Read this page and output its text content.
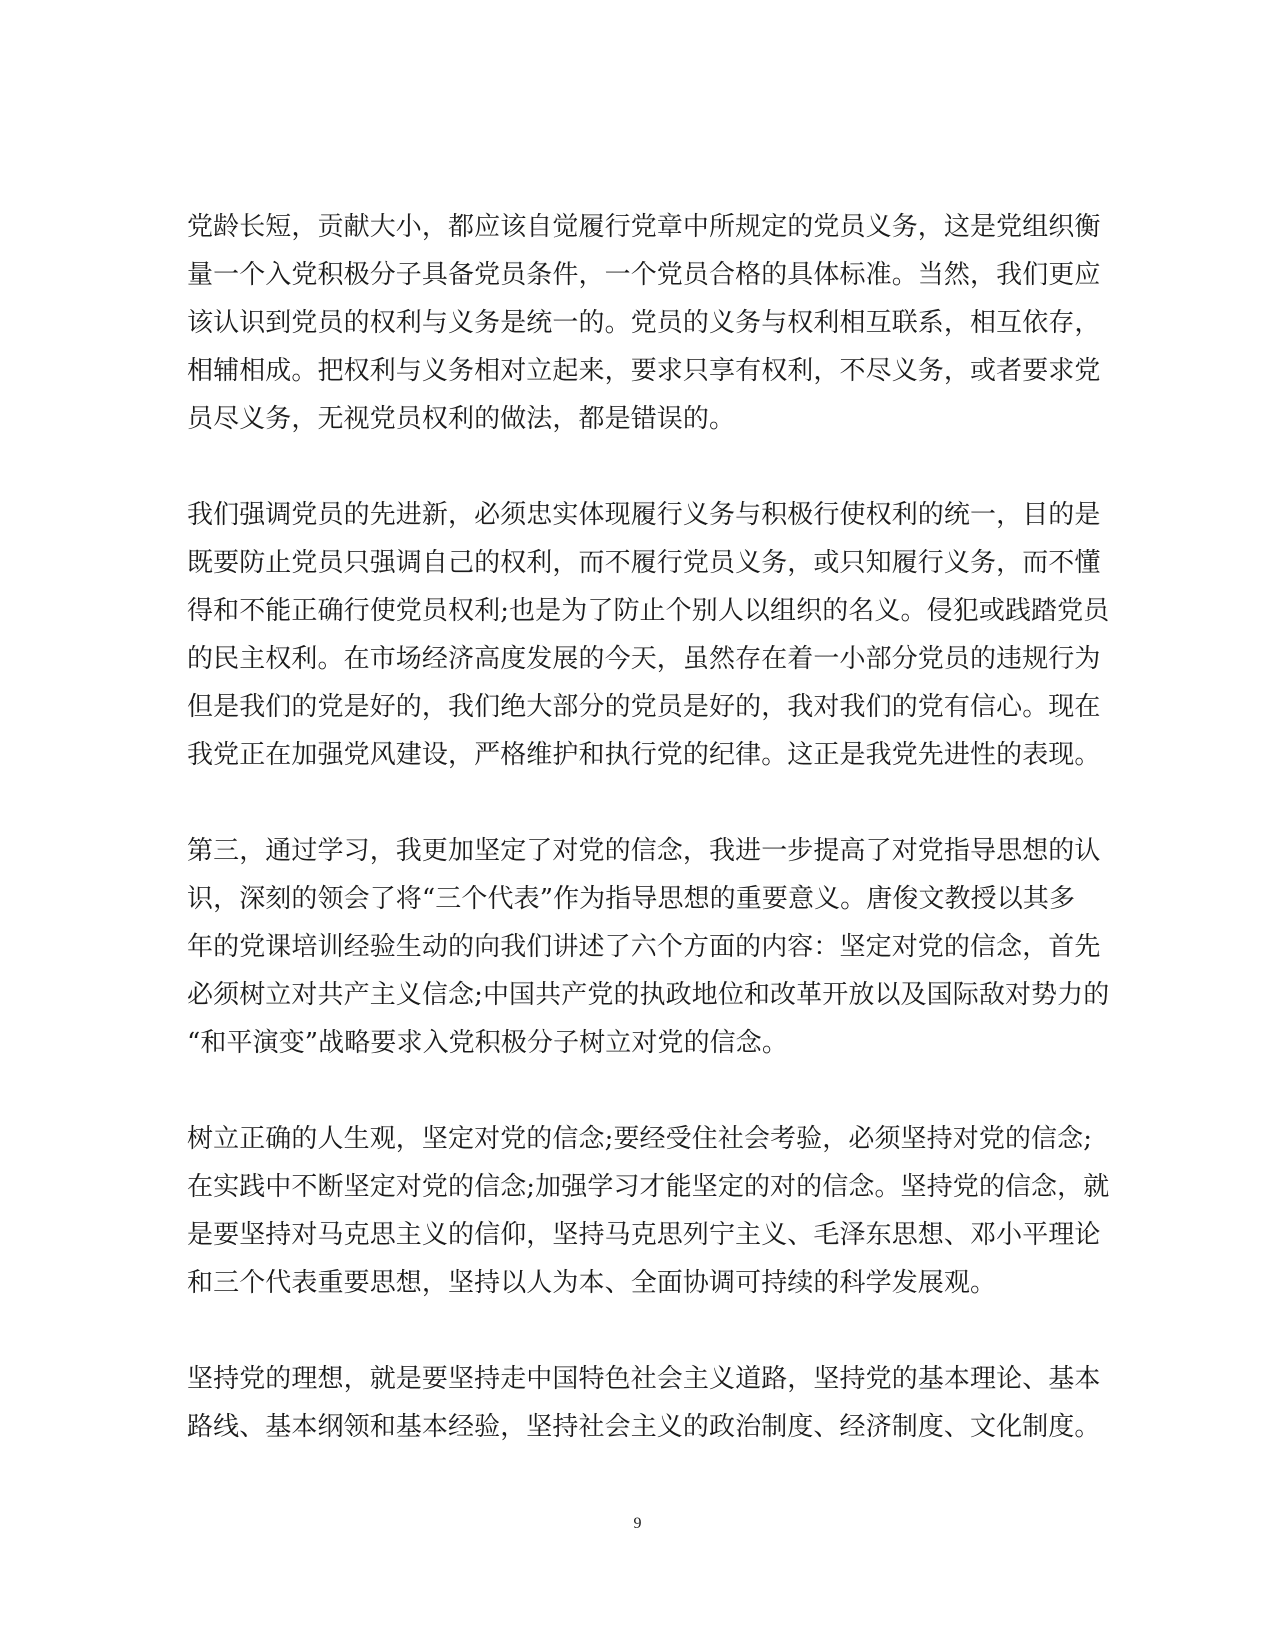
党龄长短，贡献大小，都应该自觉履行党章中所规定的党员义务，这是党组织衡
量一个入党积极分子具备党员条件，一个党员合格的具体标准。当然，我们更应
该认识到党员的权利与义务是统一的。党员的义务与权利相互联系，相互依存，
相辅相成。把权利与义务相对立起来，要求只享有权利，不尽义务，或者要求党
员尽义务，无视党员权利的做法，都是错误的。
我们强调党员的先进新，必须忠实体现履行义务与积极行使权利的统一，目的是
既要防止党员只强调自己的权利，而不履行党员义务，或只知履行义务，而不懂
得和不能正确行使党员权利;也是为了防止个别人以组织的名义。侵犯或践踏党员
的民主权利。在市场经济高度发展的今天，虽然存在着一小部分党员的违规行为
但是我们的党是好的，我们绝大部分的党员是好的，我对我们的党有信心。现在
我党正在加强党风建设，严格维护和执行党的纪律。这正是我党先进性的表现。
第三，通过学习，我更加坚定了对党的信念，我进一步提高了对党指导思想的认
识，深刻的领会了将“三个代表”作为指导思想的重要意义。唐俊文教授以其多
年的党课培训经验生动的向我们讲述了六个方面的内容：坚定对党的信念，首先
必须树立对共产主义信念;中国共产党的执政地位和改革开放以及国际敌对势力的
“和平演变”战略要求入党积极分子树立对党的信念。
树立正确的人生观，坚定对党的信念;要经受住社会考验，必须坚持对党的信念;
在实践中不断坚定对党的信念;加强学习才能坚定的对的信念。坚持党的信念，就
是要坚持对马克思主义的信仰，坚持马克思列宁主义、毛泽东思想、邓小平理论
和三个代表重要思想，坚持以人为本、全面协调可持续的科学发展观。
坚持党的理想，就是要坚持走中国特色社会主义道路，坚持党的基本理论、基本
路线、基本纲领和基本经验，坚持社会主义的政治制度、经济制度、文化制度。
9
